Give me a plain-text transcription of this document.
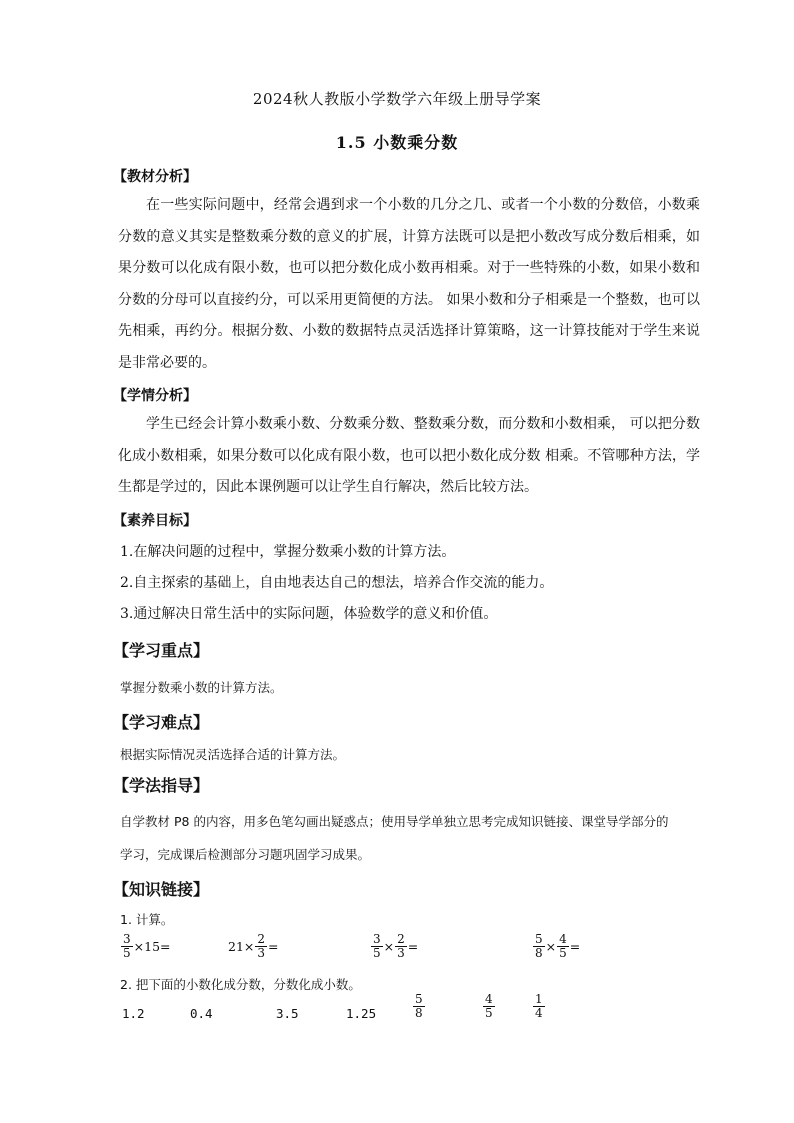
2024秋人教版小学数学六年级上册导学案
1.5 小数乘分数
【教材分析】

在一些实际问题中，经常会遇到求一个小数的几分之几、或者一个小数的分数倍，小数乘分数的意义其实是整数乘分数的意义的扩展，计算方法既可以是把小数改写成分数后相乘，如果分数可以化成有限小数，也可以把分数化成小数再相乘。对于一些特殊的小数，如果小数和分数的分母可以直接约分，可以采用更简便的方法。 如果小数和分子相乘是一个整数，也可以先相乘，再约分。根据分数、小数的数据特点灵活选择计算策略，这一计算技能对于学生来说是非常必要的。

【学情分析】

学生已经会计算小数乘小数、分数乘分数、整数乘分数，而分数和小数相乘， 可以把分数化成小数相乘，如果分数可以化成有限小数，也可以把小数化成分数 相乘。不管哪种方法，学生都是学过的，因此本课例题可以让学生自行解决，然后比较方法。

【素养目标】
1.在解决问题的过程中，掌握分数乘小数的计算方法。
2.自主探索的基础上，自由地表达自己的想法，培养合作交流的能力。
3.通过解决日常生活中的实际问题，体验数学的意义和价值。
【学习重点】
掌握分数乘小数的计算方法。
【学习难点】
根据实际情况灵活选择合适的计算方法。
【学法指导】
自学教材 P8 的内容，用多色笔勾画出疑惑点；使用导学单独立思考完成知识链接、课堂导学部分的
学习，完成课后检测部分习题巩固学习成果。
【知识链接】
1. 计算。
$\frac{3}{5} \times 15=$	$21\times \frac{2}{3}$ =	$\frac{3}{5} \times \frac{2}{3}$ =	$\frac{5}{8} \times \frac{4}{5}$ =
2. 把下面的小数化成分数，分数化成小数。
1.2	0.4	3.5	1.25	$\frac{5}{8}$	$\frac{4}{5}$	$\frac{1}{4}$
